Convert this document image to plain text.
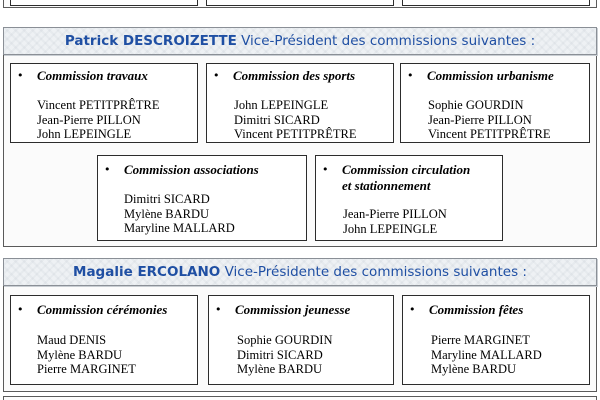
Patrick DESCROIZETTE Vice-Président des commissions suivantes :
• Commission travaux
Vincent PETITPRÊTRE
Jean-Pierre PILLON
John LEPEINGLE
• Commission des sports
John LEPEINGLE
Dimitri SICARD
Vincent PETITPRÊTRE
• Commission urbanisme
Sophie GOURDIN
Jean-Pierre PILLON
Vincent PETITPRÊTRE
• Commission associations
Dimitri SICARD
Mylène BARDU
Maryline MALLARD
• Commission circulation
et stationnement
Jean-Pierre PILLON
John LEPEINGLE
Magalie ERCOLANO Vice-Présidente des commissions suivantes :
• Commission cérémonies
Maud DENIS
Mylène BARDU
Pierre MARGINET
• Commission jeunesse
Sophie GOURDIN
Dimitri SICARD
Mylène BARDU
• Commission fêtes
Pierre MARGINET
Maryline MALLARD
Mylène BARDU
